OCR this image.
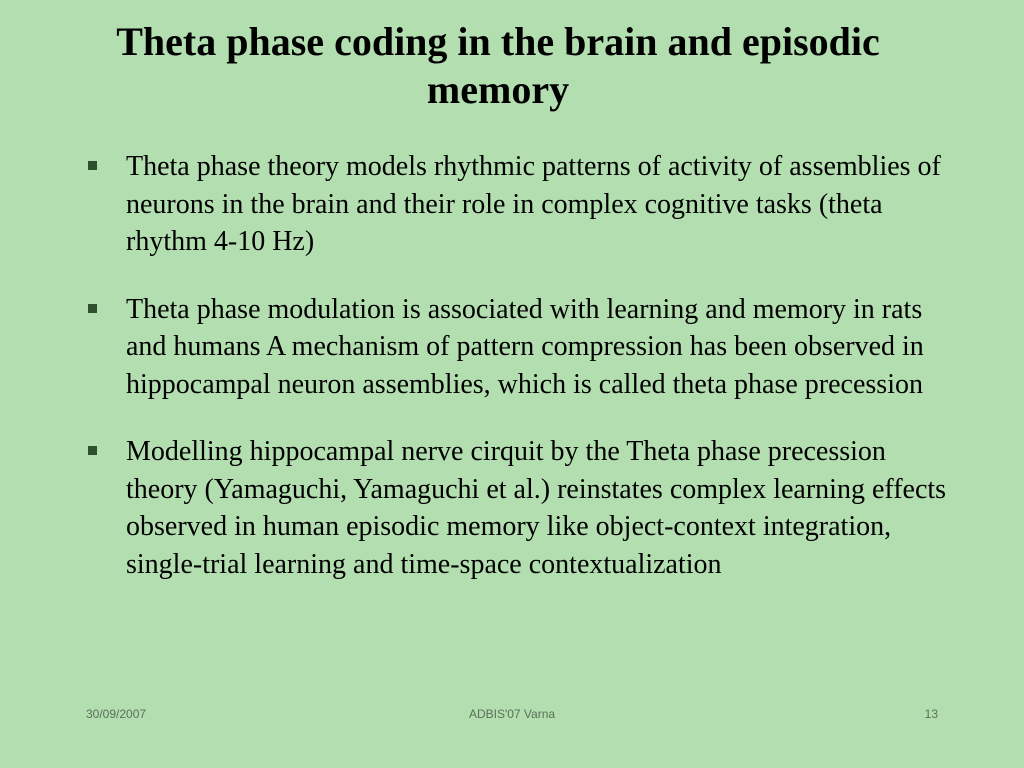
Theta phase coding in the brain and episodic memory
Theta phase theory models rhythmic patterns of activity of assemblies of neurons in the brain and their role in complex cognitive tasks (theta rhythm 4-10 Hz)
Theta phase modulation is associated with learning and memory in rats and humans A mechanism of pattern compression has been observed in hippocampal neuron assemblies, which is called theta phase precession
Modelling hippocampal nerve cirquit by the Theta phase precession theory (Yamaguchi, Yamaguchi et al.) reinstates complex learning effects observed in human episodic memory like object-context integration, single-trial learning and time-space contextualization
30/09/2007	ADBIS'07 Varna	13
